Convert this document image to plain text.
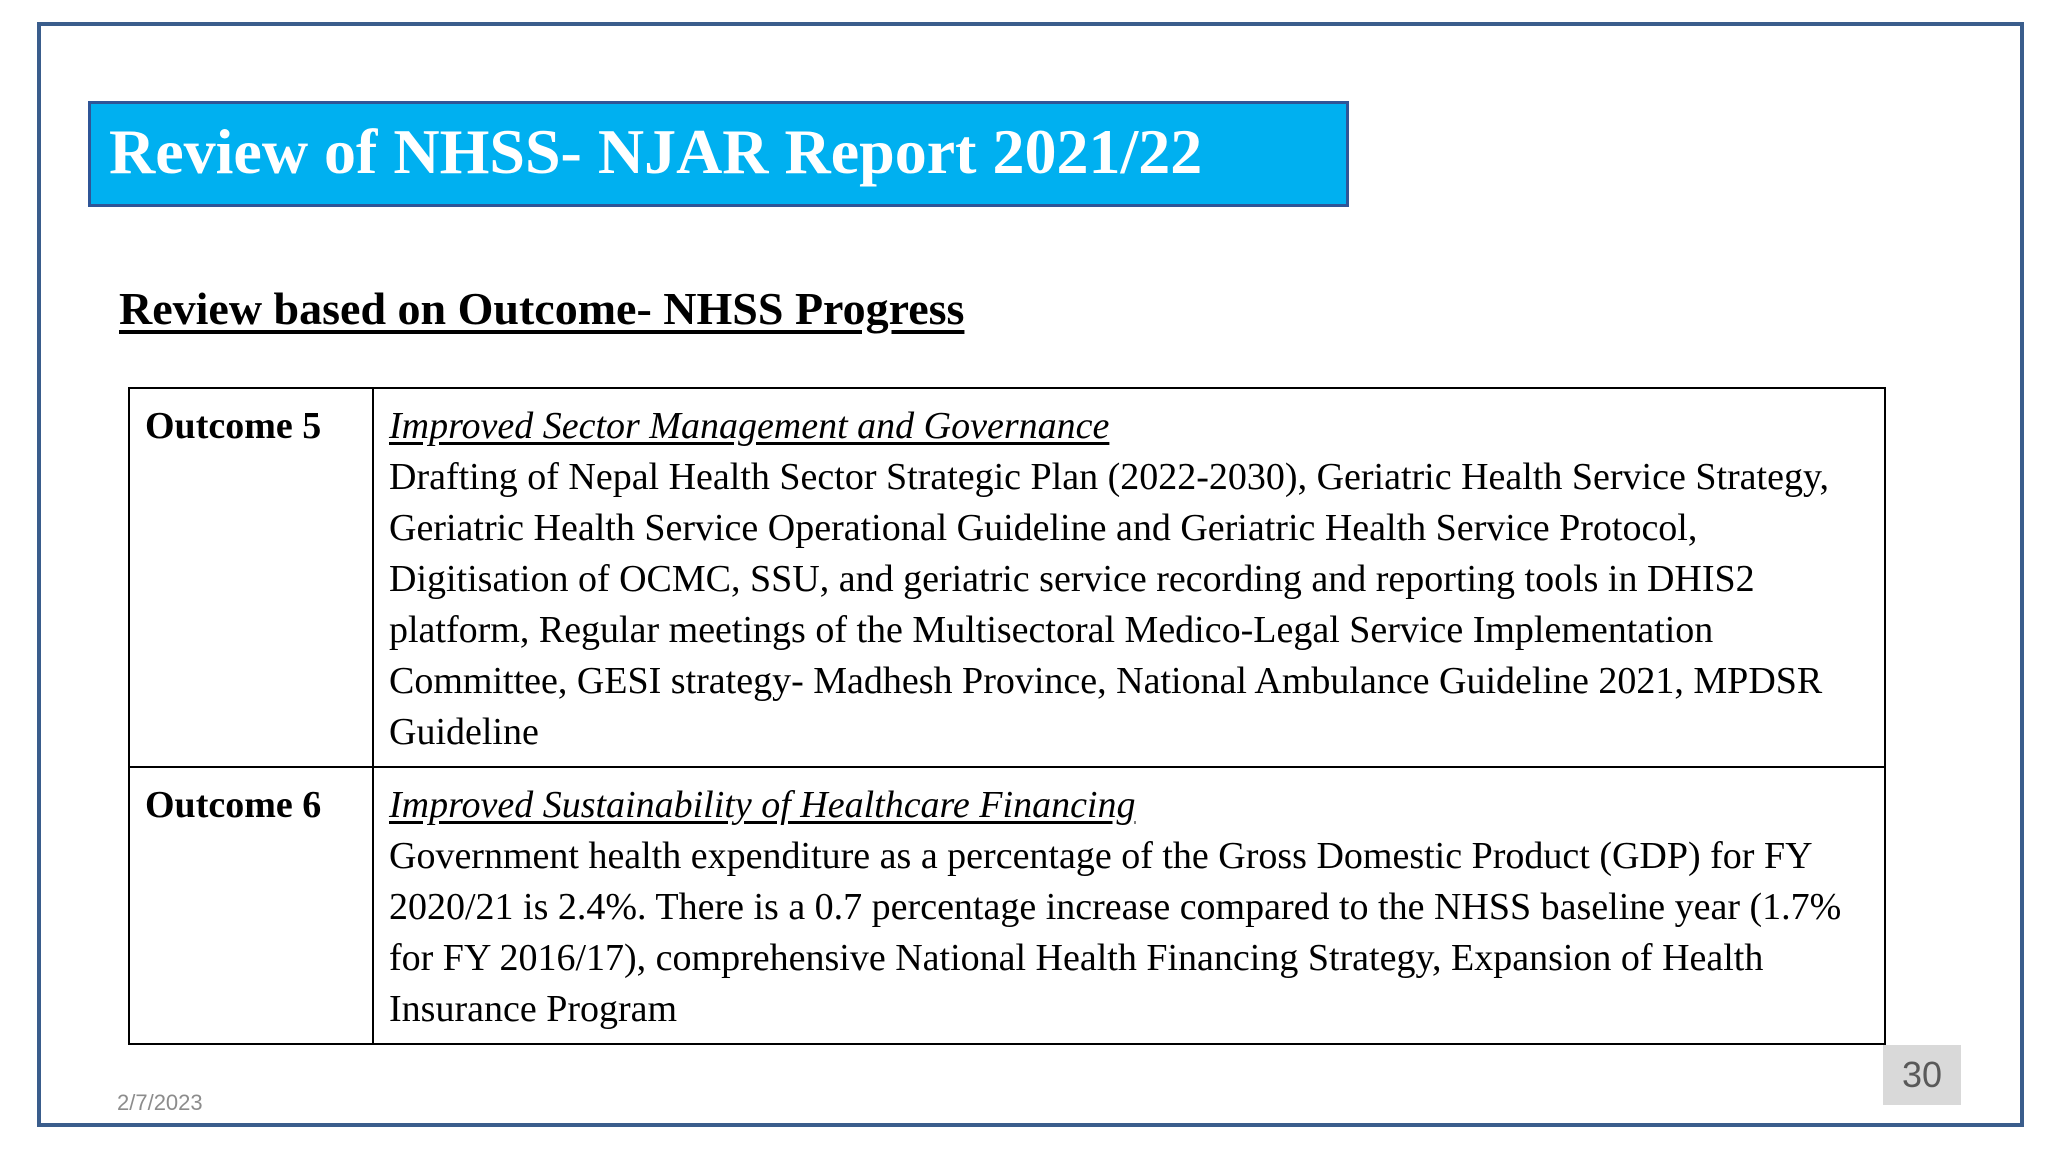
Review of NHSS- NJAR Report 2021/22
Review based on Outcome- NHSS Progress
Outcome 5	Improved Sector Management and Governance
Drafting of Nepal Health Sector Strategic Plan (2022-2030), Geriatric Health Service Strategy, Geriatric Health Service Operational Guideline and Geriatric Health Service Protocol, Digitisation of OCMC, SSU, and geriatric service recording and reporting tools in DHIS2 platform, Regular meetings of the Multisectoral Medico-Legal Service Implementation Committee, GESI strategy- Madhesh Province, National Ambulance Guideline 2021, MPDSR Guideline

Outcome 6	Improved Sustainability of Healthcare Financing
Government health expenditure as a percentage of the Gross Domestic Product (GDP) for FY 2020/21 is 2.4%. There is a 0.7 percentage increase compared to the NHSS baseline year (1.7% for FY 2016/17), comprehensive National Health Financing Strategy, Expansion of Health Insurance Program
2/7/2023
30
